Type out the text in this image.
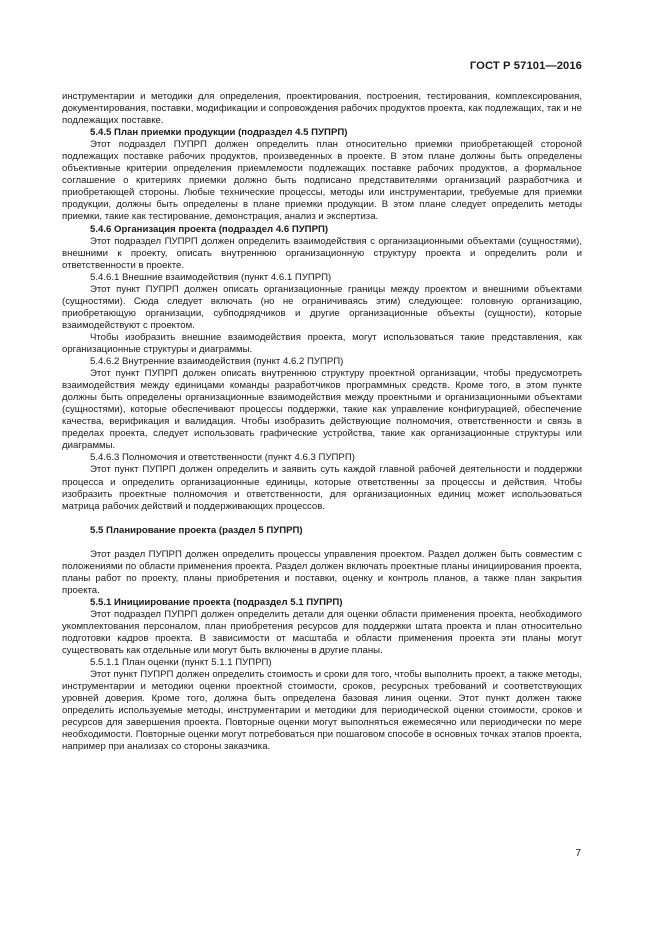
ГОСТ Р 57101—2016

инструментарии и методики для определения, проектирования, построения, тестирования, комплексирования, документирования, поставки, модификации и сопровождения рабочих продуктов проекта, как подлежащих, так и не подлежащих поставке.

5.4.5 План приемки продукции (подраздел 4.5 ПУПРП)

Этот подраздел ПУПРП должен определить план относительно приемки приобретающей стороной подлежащих поставке рабочих продуктов, произведенных в проекте. В этом плане должны быть определены объективные критерии определения приемлемости подлежащих поставке рабочих продуктов, а формальное соглашение о критериях приемки должно быть подписано представителями организаций разработчика и приобретающей стороны. Любые технические процессы, методы или инструментарии, требуемые для приемки продукции, должны быть определены в плане приемки продукции. В этом плане следует определить методы приемки, такие как тестирование, демонстрация, анализ и экспертиза.

5.4.6 Организация проекта (подраздел 4.6 ПУПРП)

Этот подраздел ПУПРП должен определить взаимодействия с организационными объектами (сущностями), внешними к проекту, описать внутреннюю организационную структуру проекта и определить роли и ответственности в проекте.

5.4.6.1 Внешние взаимодействия (пункт 4.6.1 ПУПРП)

Этот пункт ПУПРП должен описать организационные границы между проектом и внешними объектами (сущностями). Сюда следует включать (но не ограничиваясь этим) следующее: головную организацию, приобретающую организации, субподрядчиков и другие организационные объекты (сущности), которые взаимодействуют с проектом.

Чтобы изобразить внешние взаимодействия проекта, могут использоваться такие представления, как организационные структуры и диаграммы.

5.4.6.2 Внутренние взаимодействия (пункт 4.6.2 ПУПРП)

Этот пункт ПУПРП должен описать внутреннюю структуру проектной организации, чтобы предусмотреть взаимодействия между единицами команды разработчиков программных средств. Кроме того, в этом пункте должны быть определены организационные взаимодействия между проектными и организационными объектами (сущностями), которые обеспечивают процессы поддержки, такие как управление конфигурацией, обеспечение качества, верификация и валидация. Чтобы изобразить действующие полномочия, ответственности и связь в пределах проекта, следует использовать графические устройства, такие как организационные структуры или диаграммы.

5.4.6.3 Полномочия и ответственности (пункт 4.6.3 ПУПРП)

Этот пункт ПУПРП должен определить и заявить суть каждой главной рабочей деятельности и поддержки процесса и определить организационные единицы, которые ответственны за процессы и действия. Чтобы изобразить проектные полномочия и ответственности, для организационных единиц может использоваться матрица рабочих действий и поддерживающих процессов.

5.5 Планирование проекта (раздел 5 ПУПРП)

Этот раздел ПУПРП должен определить процессы управления проектом. Раздел должен быть совместим с положениями по области применения проекта. Раздел должен включать проектные планы инициирования проекта, планы работ по проекту, планы приобретения и поставки, оценку и контроль планов, а также план закрытия проекта.

5.5.1 Инициирование проекта (подраздел 5.1 ПУПРП)

Этот подраздел ПУПРП должен определить детали для оценки области применения проекта, необходимого укомплектования персоналом, план приобретения ресурсов для поддержки штата проекта и план относительно подготовки кадров проекта. В зависимости от масштаба и области применения проекта эти планы могут существовать как отдельные или могут быть включены в другие планы.

5.5.1.1 План оценки (пункт 5.1.1 ПУПРП)

Этот пункт ПУПРП должен определить стоимость и сроки для того, чтобы выполнить проект, а также методы, инструментарии и методики оценки проектной стоимости, сроков, ресурсных требований и соответствующих уровней доверия. Кроме того, должна быть определена базовая линия оценки. Этот пункт должен также определить используемые методы, инструментарии и методики для периодической оценки стоимости, сроков и ресурсов для завершения проекта. Повторные оценки могут выполняться ежемесячно или периодически по мере необходимости. Повторные оценки могут потребоваться при пошаговом способе в основных точках этапов проекта, например при анализах со стороны заказчика.

7
